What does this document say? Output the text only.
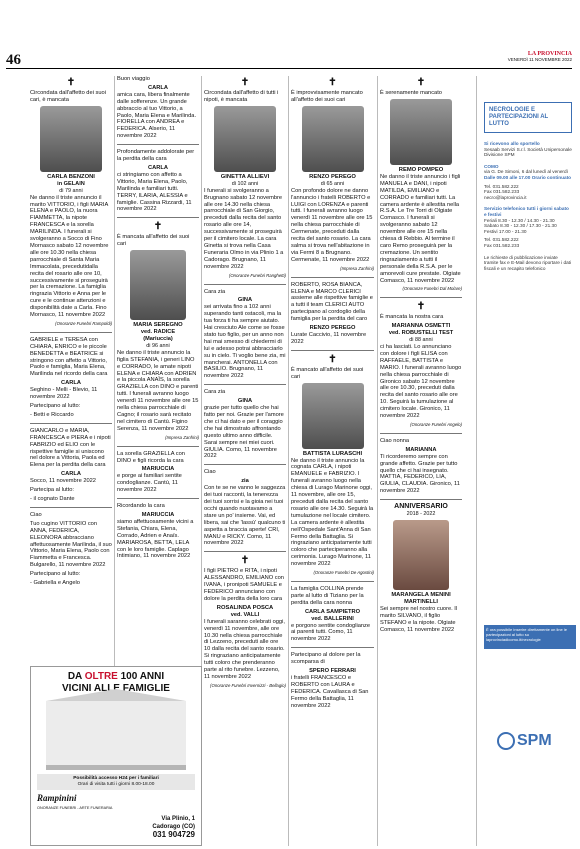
46	LA PROVINCIA
VENERDÌ 11 NOVEMBRE 2022
✝

Circondata dall'affetto dei suoi cari, è mancata

CARLA BENZONI
in GELAIN
di 79 anni

Ne danno il triste annuncio il marito VITTORIO, i figli MARIA ELENA e PAOLO, la nuora FIAMMETTA, la nipote FRANCESCA e la sorella MARILINDA. I funerali si svolgeranno a Socco di Fino Mornasco sabato 12 novembre alle ore 10.30 nella chiesa parrocchiale di Santa Maria Immacolata, precedutidalla recita del rosario alle ore 10, successivamente si proseguirà per la cremazione. La famiglia ringrazia Vittorio e Anna per le cure e le continue attenzioni e disponibilità date a Carla. Fino Mornasco, 11 novembre 2022

(Onoranze Funebri Rampoldi)

GABRIELE e TERESA con CHIARA, ENRICO e le piccole BENEDETTA e BEATRICE si stringono con affetto a Vittorio, Paolo e famiglia, Maria Elena, Marilinda nel ricordo della cara

CARLA

Seghino - Melli - Blevio, 11 novembre 2022

Partecipano al lutto:

- Betti e Riccardo

GIANCARLO e MARIA, FRANCESCA e PIERA e i nipoti FABRIZIO ed ELIO con le rispettive famiglie si uniscono nel dolore a Vittoria, Paola ed Elena per la perdita della cara

CARLA

Socco, 11 novembre 2022

Partecipa al lutto:

- il cognato Dante

Ciao

Tuo cugino VITTORIO con ANNA, FEDERICA, ELEONORA abbracciano affettuosamente Marilinda, il suo Vittorio, Maria Elena, Paolo con Fiammetta e Francesca. Bulgarello, 11 novembre 2022

Partecipano al lutto:

- Gabriella e Angelo

Buon viaggio

CARLA

amica cara, libera finalmente dalle sofferenze. Un grande abbraccio al tuo Vittorio, a Paolo, Maria Elena e Marilinda. FIORELLA con ANDREA e FEDERICA. Alserio, 11 novembre 2022

Profondamente addolorate per la perdita della cara

CARLA

ci stringiamo con affetto a Vittorio, Maria Elena, Paolo, Marilinda e familiari tutti. TERRY, ILARIA, ALESSIA e famiglie. Cassina Rizzardi, 11 novembre 2022

✝

È mancata all'affetto dei suoi cari

MARIA SEREGNO
ved. RADICE
(Mariuccia)
di 96 anni

Ne danno il triste annuncio la figlia STEFANIA, i generi LINO e CORRADO, le amate nipoti ELENA e CHIARA con ADRIEN e la piccola ANAÏS, la sorella GRAZIELLA con DINO e parenti tutti. I funerali avranno luogo venerdì 11 novembre alle ore 15 nella chiesa parrocchiale di Cagno; il rosario sarà recitato nel cimitero di Cantù. Figino Serenza, 11 novembre 2022

(Impresa Zanfrini)

La sorella GRAZIELLA con DINO e figli ricorda la cara

MARIUCCIA

e porge ai familiari sentite condoglianze. Cantù, 11 novembre 2022

Ricordando la cara

MARIUCCIA

siamo affettuosamente vicini a Stefania, Chiara, Elena, Corrado, Adrien e Anaïs. MARIAROSA, BETTA, LELA con le loro famiglie. Caplago Intimiano, 11 novembre 2022

✝

Circondata dall'affetto di tutti i nipoti, è mancata

GINETTA ALLIEVI
di 102 anni

I funerali si svolgeranno a Brugnano sabato 12 novembre alle ore 14.30 nella chiesa parrocchiale di San Giorgio, preceduti dalla recita del santo rosario alle ore 14, successivamente si proseguirà per il cimitero locale. La cara Ginetta si trova nella Casa Funeraria Olmo in via Plinio 1 a Cadorago. Brugnano, 11 novembre 2022

(Onoranze Funebri Ranghetti)

Cara zia

GINA

sei arrivata fino a 102 anni superando tanti ostacoli, ma la tua forza ti ha sempre aiutato. Hai cresciuto Ale come se fosse stato tuo figlio, per un anno non hai mai smesso di chiedermi di lui e adesso potrai abbracciarlo su in cielo. Ti voglio bene zia, mi mancherai. ANTONELLA con BASILIO. Brugnano, 11 novembre 2022

Cara zia

GINA

grazie per tutto quello che hai fatto per noi. Grazie per l'amore che ci hai dato e per il coraggio che hai dimostrato affrontando questo ultimo anno difficile. Sarai sempre nei miei cuori. GIULIA. Como, 11 novembre 2022

Ciao

zia

Con te se ne vanno le saggezza dei tuoi racconti, la tenerezza dei tuoi sorrisi e la gioia nei tuoi occhi quando nuotavamo a stare un po' insieme. Vai, ed libera, sai che 'lassù' qualcuno ti aspetta a braccia aperte! CRI, MANU e RICKY. Como, 11 novembre 2022

✝

I figli PIETRO e RITA, i nipoti ALESSANDRO, EMILIANO con IVANA, i pronipoti SAMUELE e FEDERICO annunciano con dolore la perdita della loro cara

ROSALINDA POSCA
ved. VALLI

I funerali saranno celebrati oggi, venerdì 11 novembre, alle ore 10.30 nella chiesa parrocchiale di Lezzeno, preceduti alle ore 10 dalla recita del santo rosario. Si ringraziano anticipatamente tutti coloro che prenderanno parte al rito funebre. Lezzeno, 11 novembre 2022

(Onoranze Funebri Invernizzi - Bellagio)
✝

È improvvisamente mancato all'affetto dei suoi cari

RENZO PEREGO
di 65 anni

Con profondo dolore ne danno l'annuncio i fratelli ROBERTO e LUIGI con LORENZA e parenti tutti. I funerali avranno luogo venerdì 11 novembre alle ore 15 nella chiesa parrocchiale di Cermenate, preceduti dalla recita del santo rosario. La cara salma si trova nell'abitazione in via Fermi 8 a Brugnano. Cermenate, 11 novembre 2022

(Impresa Zanfrini)

ROBERTO, ROSA BIANCA, ELENA e MARCO CLERICI assieme alle rispettive famiglie e a tutti il team CLERICI AUTO partecipano al cordoglio della famiglia per la perdita del caro

RENZO PEREGO

Lurate Caccivio, 11 novembre 2022

✝

È mancato all'affetto dei suoi cari

BATTISTA LURASCHI

Ne danno il triste annuncio la cognata CARLA, i nipoti EMANUELE e FABRIZIO. I funerali avranno luogo nella chiesa di Lurago Marinone oggi, 11 novembre, alle ore 15, preceduti dalla recita del santo rosario alle ore 14.30. Seguirà la tumulazione nel locale cimitero. La camera ardente è allestita nell'Ospedale Sant'Anna di San Fermo della Battaglia. Si ringraziano anticipatamente tutti coloro che parteciperanno alla cerimonia. Lurago Marinone, 11 novembre 2022

(Onoranze Funebri De Agostini)

La famiglia COLLINA prende parte al lutto di Tiziano per la perdita della cara nonna

CARLA SAMPIETRO
ved. BALLERINI

e porgono sentite condoglianze ai parenti tutti. Como, 11 novembre 2022

Partecipano al dolore per la scomparsa di

SPERO FERRARI

i fratelli FRANCESCO e ROBERTO con LAURA e FEDERICA. Cavallasca di San Fermo della Battaglia, 11 novembre 2022

✝

È serenamente mancato

REMO POMPEO

Ne danno il triste annuncio i figli MANUELA e DANI, i nipoti MATILDA, EMILIANO e CORRADO e familiari tutti. La camera ardente è allestita nella R.S.A. Le Tre Torri di Olgiate Comasco. I funerali si svolgeranno sabato 12 novembre alle ore 15 nella chiesa di Rebbio. Al termine il caro Remo proseguirà per la cremazione. Un sentito ringraziamento a tutti il personale della R.S.A. per le amorevoli cure prestate. Olgiate Comasco, 11 novembre 2022

(Onoranze Funebri Dal Molare)
✝

È mancata la nostra cara

MARIANNA OSMETTI
ved. ROBUSTELLI TEST
di 88 anni

ci ha lasciati. Lo annunciano con dolore i figli ELISA con RAFFAELE, BATTISTA e MARIO. I funerali avranno luogo nella chiesa parrocchiale di Gironico sabato 12 novembre alle ore 10.30, preceduti dalla recita del santo rosario alle ore 10. Seguirà la tumulazione al cimitero locale. Gironico, 11 novembre 2022

(Onoranze Funebri Angelo)

Ciao nonna

MARIANNA

Ti ricorderemo sempre con grande affetto. Grazie per tutto quello che ci hai insegnato. MATTIA, FEDERICO, LIA, GIULIA, CLAUDIA. Gironico, 11 novembre 2022

ANNIVERSARIO
2018 - 2022
MARANGELA MENINI
MARTINELLI

Sei sempre nel nostro cuore. Il marito SILVANO, il figlio STEFANO e la nipote. Olgiate Comasco, 11 novembre 2022

NECROLOGIE E PARTECIPAZIONI AL LUTTO
Si ricevono allo sportello
Sesaab Servizi S.r.l. Società Unipersonale Divisione SPM
COMO
via G. De Simoni, 6 dal lunedì al venerdì
Dalle 09.00 alle 17.00 Orario continuato
Tel. 031.582.222
Fax 031.582.233
necro@laprovincia.it
Servizio telefonico tutti i giorni sabato e festivi
Feriali 8.30 - 12.30 / 14.30 - 21.30
Sabato 8.30 - 12.30 / 17.30 - 21.30
Festivi 17.00 - 21.30
Tel. 031.582.222
Fax 031.582.233
Le richieste di pubblicazione inviate tramite fax e E-Mail devono riportare i dati fiscali e un recapito telefonico
È ora possibile inserire direttamente on line le partecipazioni al lutto su laprovinciadicomo.it/necrologie
SPM
DA OLTRE 100 ANNI
Possibilità accesso H24 per i familiari
Orari di visita tutti i giorni 8.00-18.00
Rampinini
ONORANZE FUNEBRI - ARTE FUNERARIA
Via Plinio, 1
Cadorago (CO)
031 904729
